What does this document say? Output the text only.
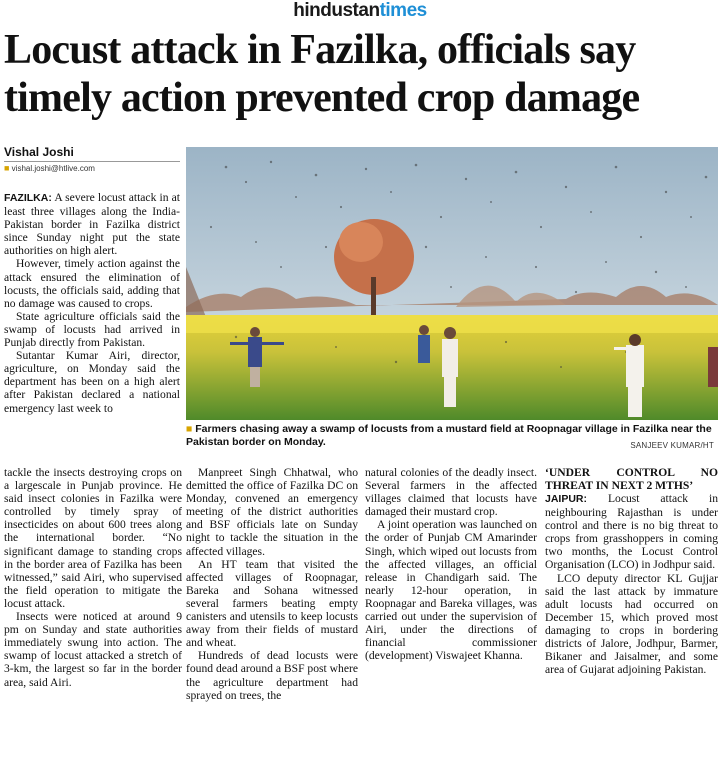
hindustantimes
Locust attack in Fazilka, officials say timely action prevented crop damage
Vishal Joshi
■ vishal.joshi@htlive.com
■ Farmers chasing away a swamp of locusts from a mustard field at Roopnagar village in Fazilka near the Pakistan border on Monday.	SANJEEV KUMAR/HT

FAZILKA: A severe locust attack in at least three villages along the India-Pakistan border in Fazilka district since Sunday night put the state authorities on high alert.

However, timely action against the attack ensured the elimination of locusts, the officials said, adding that no damage was caused to crops.

State agriculture officials said the swamp of locusts had arrived in Punjab directly from Pakistan.

Sutantar Kumar Airi, director, agriculture, on Monday said the department has been on a high alert after Pakistan declared a national emergency last week to

tackle the insects destroying crops on a largescale in Punjab province. He said insect colonies in Fazilka were controlled by timely spray of insecticides on about 600 trees along the international border. “No significant damage to standing crops in the border area of Fazilka has been witnessed,” said Airi, who supervised the field operation to mitigate the locust attack.

Insects were noticed at around 9 pm on Sunday and state authorities immediately swung into action. The swamp of locust attacked a stretch of 3-km, the largest so far in the border area, said Airi.

Manpreet Singh Chhatwal, who demitted the office of Fazilka DC on Monday, convened an emergency meeting of the district authorities and BSF officials late on Sunday night to tackle the situation in the affected villages.

An HT team that visited the affected villages of Roopnagar, Bareka and Sohana witnessed several farmers beating empty canisters and utensils to keep locusts away from their fields of mustard and wheat.

Hundreds of dead locusts were found dead around a BSF post where the agriculture department had sprayed on trees, the

natural colonies of the deadly insect. Several farmers in the affected villages claimed that locusts have damaged their mustard crop.

A joint operation was launched on the order of Punjab CM Amarinder Singh, which wiped out locusts from the affected villages, an official release in Chandigarh said. The nearly 12-hour operation, in Roopnagar and Bareka villages, was carried out under the supervision of Airi, under the directions of financial commissioner (development) Viswajeet Khanna.

‘UNDER CONTROL NO THREAT IN NEXT 2 MTHS’

JAIPUR: Locust attack in neighbouring Rajasthan is under control and there is no big threat to crops from grasshoppers in coming two months, the Locust Control Organisation (LCO) in Jodhpur said.

LCO deputy director KL Gujjar said the last attack by immature adult locusts had occurred on December 15, which proved most damaging to crops in bordering districts of Jalore, Jodhpur, Barmer, Bikaner and Jaisalmer, and some area of Gujarat adjoining Pakistan.
